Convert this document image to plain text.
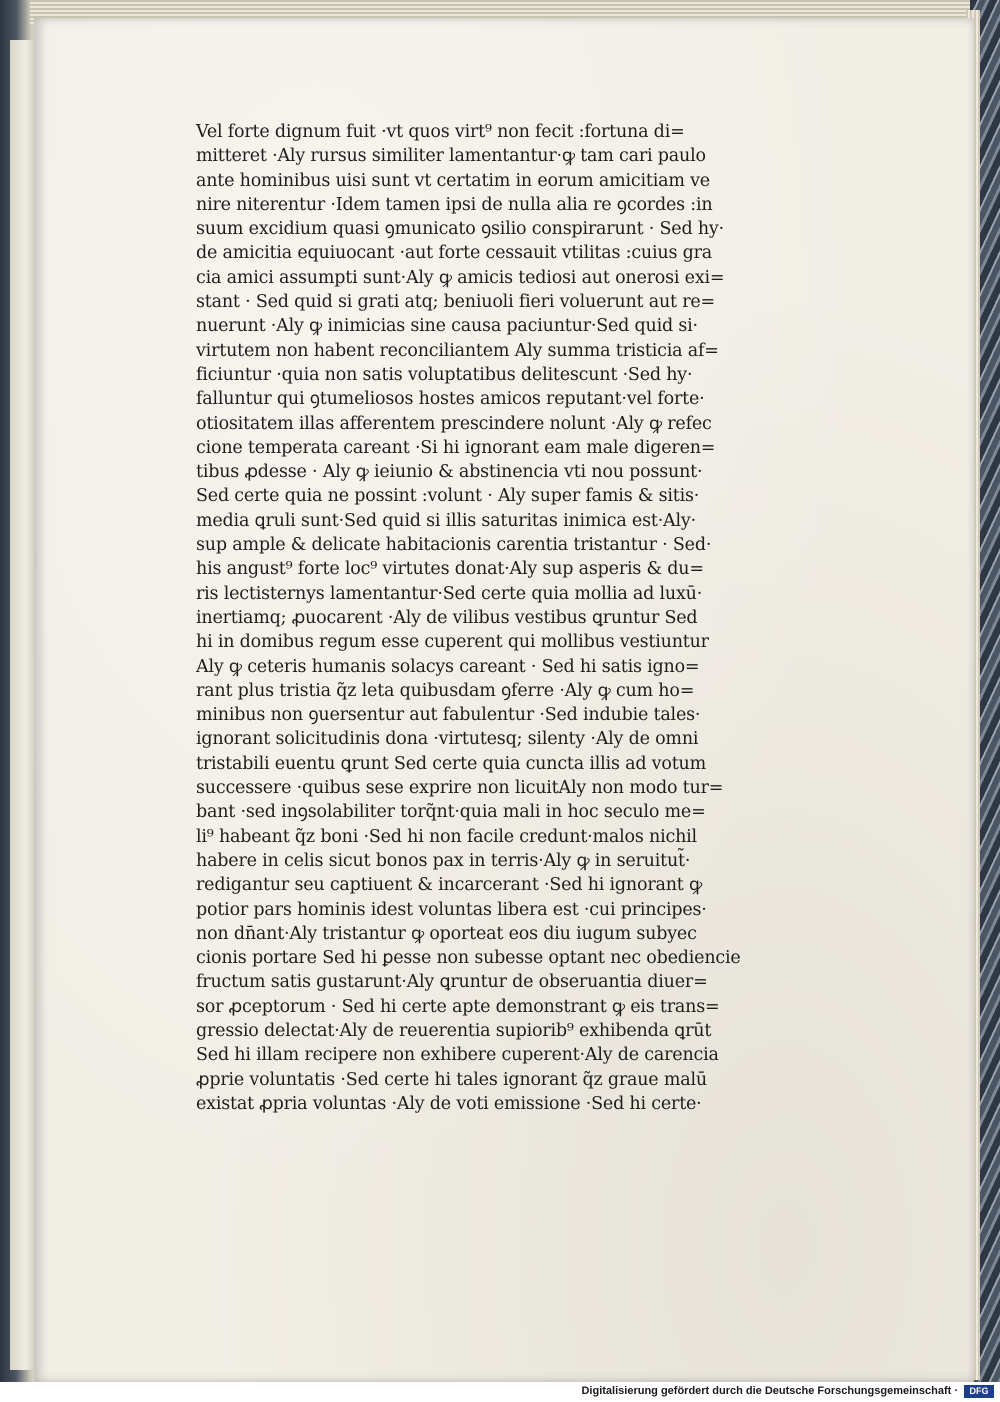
Vel forte dignum fuit ·vt quos virt⁹ non fecit :fortuna di=
mitteret ·Aly rursus similiter lamentantur·ꝙ tam cari paulo
ante hominibus uisi sunt vt certatim in eorum amicitiam ve
nire niterentur ·Idem tamen ipsi de nulla alia re ꝯcordes :in
suum excidium quasi ꝯmunicato ꝯsilio conspirarunt · Sed hy·
de amicitia equiuocant ·aut forte cessauit vtilitas :cuius gra
cia amici assumpti sunt·Aly ꝙ amicis tediosi aut onerosi exi=
stant · Sed quid si grati atq; beniuoli fieri voluerunt aut re=
nuerunt ·Aly ꝙ inimicias sine causa paciuntur·Sed quid si·
virtutem non habent reconciliantem Aly summa tristicia af=
ficiuntur ·quia non satis voluptatibus delitescunt ·Sed hy·
falluntur qui ꝯtumeliosos hostes amicos reputant·vel forte·
otiositatem illas afferentem prescindere nolunt ·Aly ꝙ refec
cione temperata careant ·Si hi ignorant eam male digeren=
tibus ꝓdesse · Aly ꝙ ieiunio & abstinencia vti nou possunt·
Sed certe quia ne possint :volunt · Aly super famis & sitis·
media ꝗruli sunt·Sed quid si illis saturitas inimica est·Aly·
sup ample & delicate habitacionis carentia tristantur · Sed·
his angust⁹ forte loc⁹ virtutes donat·Aly sup asperis & du=
ris lectisternys lamentantur·Sed certe quia mollia ad luxū·
inertiamq; ꝓuocarent ·Aly de vilibus vestibus ꝗruntur Sed
hi in domibus regum esse cuperent qui mollibus vestiuntur
Aly ꝙ ceteris humanis solacys careant · Sed hi satis igno=
rant plus tristia q̃z leta quibusdam ꝯferre ·Aly ꝙ cum ho=
minibus non ꝯuersentur aut fabulentur ·Sed indubie tales·
ignorant solicitudinis dona ·virtutesq; silenty ·Aly de omni
tristabili euentu ꝗrunt Sed certe quia cuncta illis ad votum
successere ·quibus sese exprire non licuitAly non modo tur=
bant ·sed inꝯsolabiliter torq̃nt·quia mali in hoc seculo me=
li⁹ habeant q̃z boni ·Sed hi non facile credunt·malos nichil
habere in celis sicut bonos pax in terris·Aly ꝙ in seruitut̃·
redigantur seu captiuent & incarcerant ·Sed hi ignorant ꝙ
potior pars hominis idest voluntas libera est ·cui principes·
non dn̄ant·Aly tristantur ꝙ oporteat eos diu iugum subyec
cionis portare Sed hi ꝑesse non subesse optant nec obediencie
fructum satis gustarunt·Aly ꝗruntur de obseruantia diuer=
sor ꝓceptorum · Sed hi certe apte demonstrant ꝙ eis trans=
gressio delectat·Aly de reuerentia supiorib⁹ exhibenda ꝗrūt
Sed hi illam recipere non exhibere cuperent·Aly de carencia
ꝓprie voluntatis ·Sed certe hi tales ignorant q̃z graue malū
existat ꝓpria voluntas ·Aly de voti emissione ·Sed hi certe·
Digitalisierung gefördert durch die Deutsche Forschungsgemeinschaft ·	DFG
